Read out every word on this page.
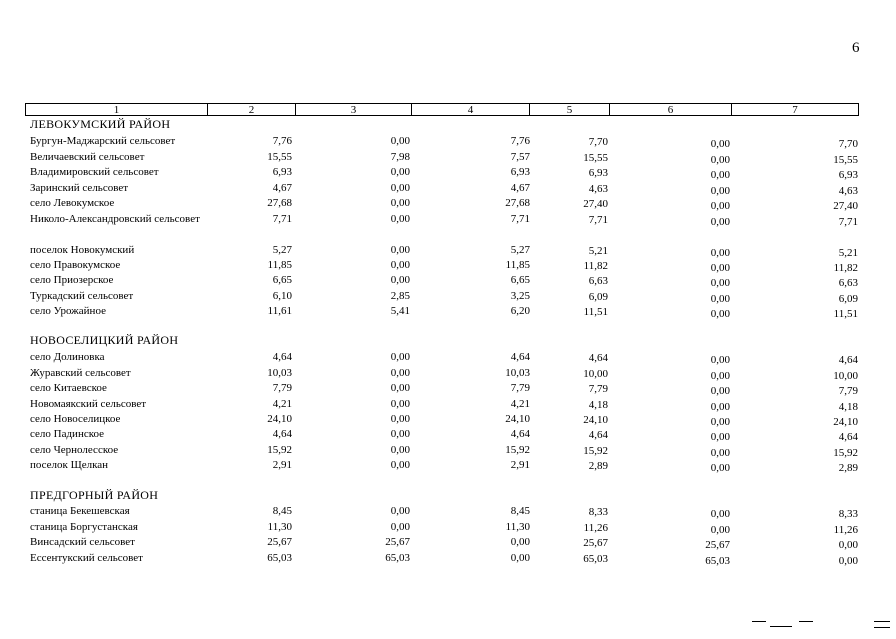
6
1	2	3	4	5	6	7
ЛЕВОКУМСКИЙ РАЙОН
Бургун-Маджарский сельсовет	7,76	0,00	7,76	7,70	0,00	7,70
Величаевский сельсовет	15,55	7,98	7,57	15,55	0,00	15,55
Владимировский сельсовет	6,93	0,00	6,93	6,93	0,00	6,93
Заринский сельсовет	4,67	0,00	4,67	4,63	0,00	4,63
село Левокумское	27,68	0,00	27,68	27,40	0,00	27,40
Николо-Александровский сельсовет	7,71	0,00	7,71	7,71	0,00	7,71
поселок Новокумский	5,27	0,00	5,27	5,21	0,00	5,21
село Правокумское	11,85	0,00	11,85	11,82	0,00	11,82
село Приозерское	6,65	0,00	6,65	6,63	0,00	6,63
Туркадский сельсовет	6,10	2,85	3,25	6,09	0,00	6,09
село Урожайное	11,61	5,41	6,20	11,51	0,00	11,51
НОВОСЕЛИЦКИЙ РАЙОН
село Долиновка	4,64	0,00	4,64	4,64	0,00	4,64
Журавский сельсовет	10,03	0,00	10,03	10,00	0,00	10,00
село Китаевское	7,79	0,00	7,79	7,79	0,00	7,79
Новомаякский сельсовет	4,21	0,00	4,21	4,18	0,00	4,18
село Новоселицкое	24,10	0,00	24,10	24,10	0,00	24,10
село Падинское	4,64	0,00	4,64	4,64	0,00	4,64
село Чернолесское	15,92	0,00	15,92	15,92	0,00	15,92
поселок Щелкан	2,91	0,00	2,91	2,89	0,00	2,89
ПРЕДГОРНЫЙ РАЙОН
станица Бекешевская	8,45	0,00	8,45	8,33	0,00	8,33
станица Боргустанская	11,30	0,00	11,30	11,26	0,00	11,26
Винсадский сельсовет	25,67	25,67	0,00	25,67	25,67	0,00
Ессентукский сельсовет	65,03	65,03	0,00	65,03	65,03	0,00
